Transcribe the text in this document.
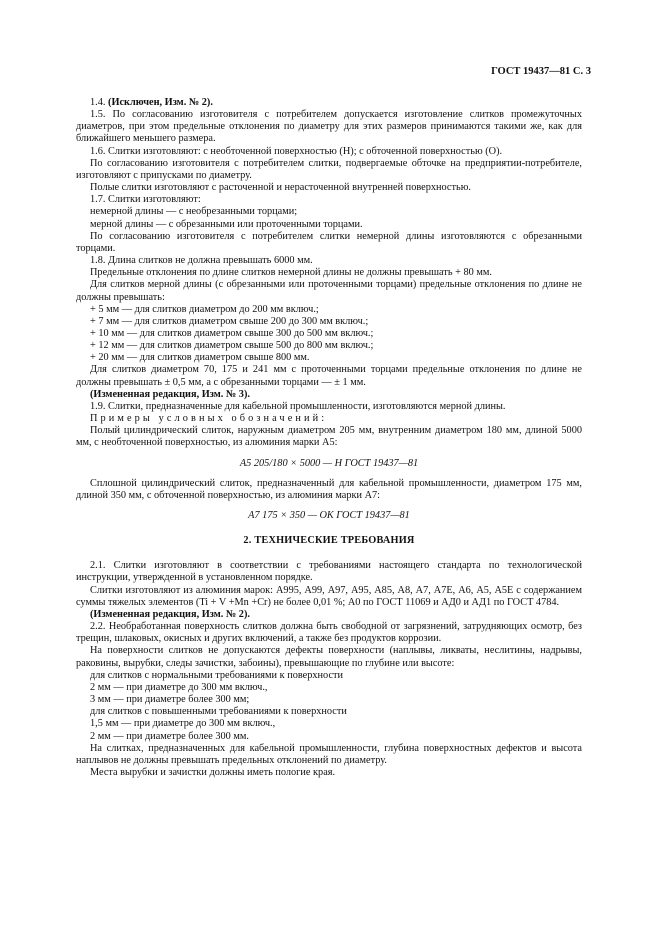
ГОСТ 19437—81 С. 3

1.4. (Исключен, Изм. № 2).

1.5. По согласованию изготовителя с потребителем допускается изготовление слитков промежуточных диаметров, при этом предельные отклонения по диаметру для этих размеров принимаются такими же, как для ближайшего меньшего размера.

1.6. Слитки изготовляют: с необточенной поверхностью (Н); с обточенной поверхностью (О).

По согласованию изготовителя с потребителем слитки, подвергаемые обточке на предприятии-потребителе, изготовляют с припусками по диаметру.

Полые слитки изготовляют с расточенной и нерасточенной внутренней поверхностью.

1.7. Слитки изготовляют:

немерной длины — с необрезанными торцами;

мерной длины — с обрезанными или проточенными торцами.

По согласованию изготовителя с потребителем слитки немерной длины изготовляются с обрезанными торцами.

1.8. Длина слитков не должна превышать 6000 мм.

Предельные отклонения по длине слитков немерной длины не должны превышать + 80 мм.

Для слитков мерной длины (с обрезанными или проточенными торцами) предельные отклонения по длине не должны превышать:

+ 5 мм — для слитков диаметром до 200 мм включ.;

+ 7 мм — для слитков диаметром свыше 200 до 300 мм включ.;

+ 10 мм — для слитков диаметром свыше 300 до 500 мм включ.;

+ 12 мм — для слитков диаметром свыше 500 до 800 мм включ.;

+ 20 мм — для слитков диаметром свыше 800 мм.

Для слитков диаметром 70, 175 и 241 мм с проточенными торцами предельные отклонения по длине не должны превышать ± 0,5 мм, а с обрезанными торцами — ± 1 мм.

(Измененная редакция, Изм. № 3).

1.9. Слитки, предназначенные для кабельной промышленности, изготовляются мерной длины.

Примеры условных обозначений:

Полый цилиндрический слиток, наружным диаметром 205 мм, внутренним диаметром 180 мм, длиной 5000 мм, с необточенной поверхностью, из алюминия марки А5:

А5 205/180 × 5000 — Н ГОСТ 19437—81

Сплошной цилиндрический слиток, предназначенный для кабельной промышленности, диаметром 175 мм, длиной 350 мм, с обточенной поверхностью, из алюминия марки А7:

А7 175 × 350 — ОК ГОСТ 19437—81

2. ТЕХНИЧЕСКИЕ ТРЕБОВАНИЯ

2.1. Слитки изготовляют в соответствии с требованиями настоящего стандарта по технологической инструкции, утвержденной в установленном порядке.

Слитки изготовляют из алюминия марок: А995, А99, А97, А95, А85, А8, А7, А7Е, А6, А5, А5Е с содержанием суммы тяжелых элементов (Ti + V +Mn +Cr) не более 0,01 %; А0 по ГОСТ 11069 и АД0 и АД1 по ГОСТ 4784.

(Измененная редакция, Изм. № 2).

2.2. Необработанная поверхность слитков должна быть свободной от загрязнений, затрудняющих осмотр, без трещин, шлаковых, окисных и других включений, а также без продуктов коррозии.

На поверхности слитков не допускаются дефекты поверхности (наплывы, ликваты, неслитины, надрывы, раковины, вырубки, следы зачистки, забоины), превышающие по глубине или высоте:

для слитков с нормальными требованиями к поверхности

2 мм — при диаметре до 300 мм включ.,

3 мм — при диаметре более 300 мм;

для слитков с повышенными требованиями к поверхности

1,5 мм — при диаметре до 300 мм включ.,

2 мм — при диаметре более 300 мм.

На слитках, предназначенных для кабельной промышленности, глубина поверхностных дефектов и высота наплывов не должны превышать предельных отклонений по диаметру.

Места вырубки и зачистки должны иметь пологие края.
